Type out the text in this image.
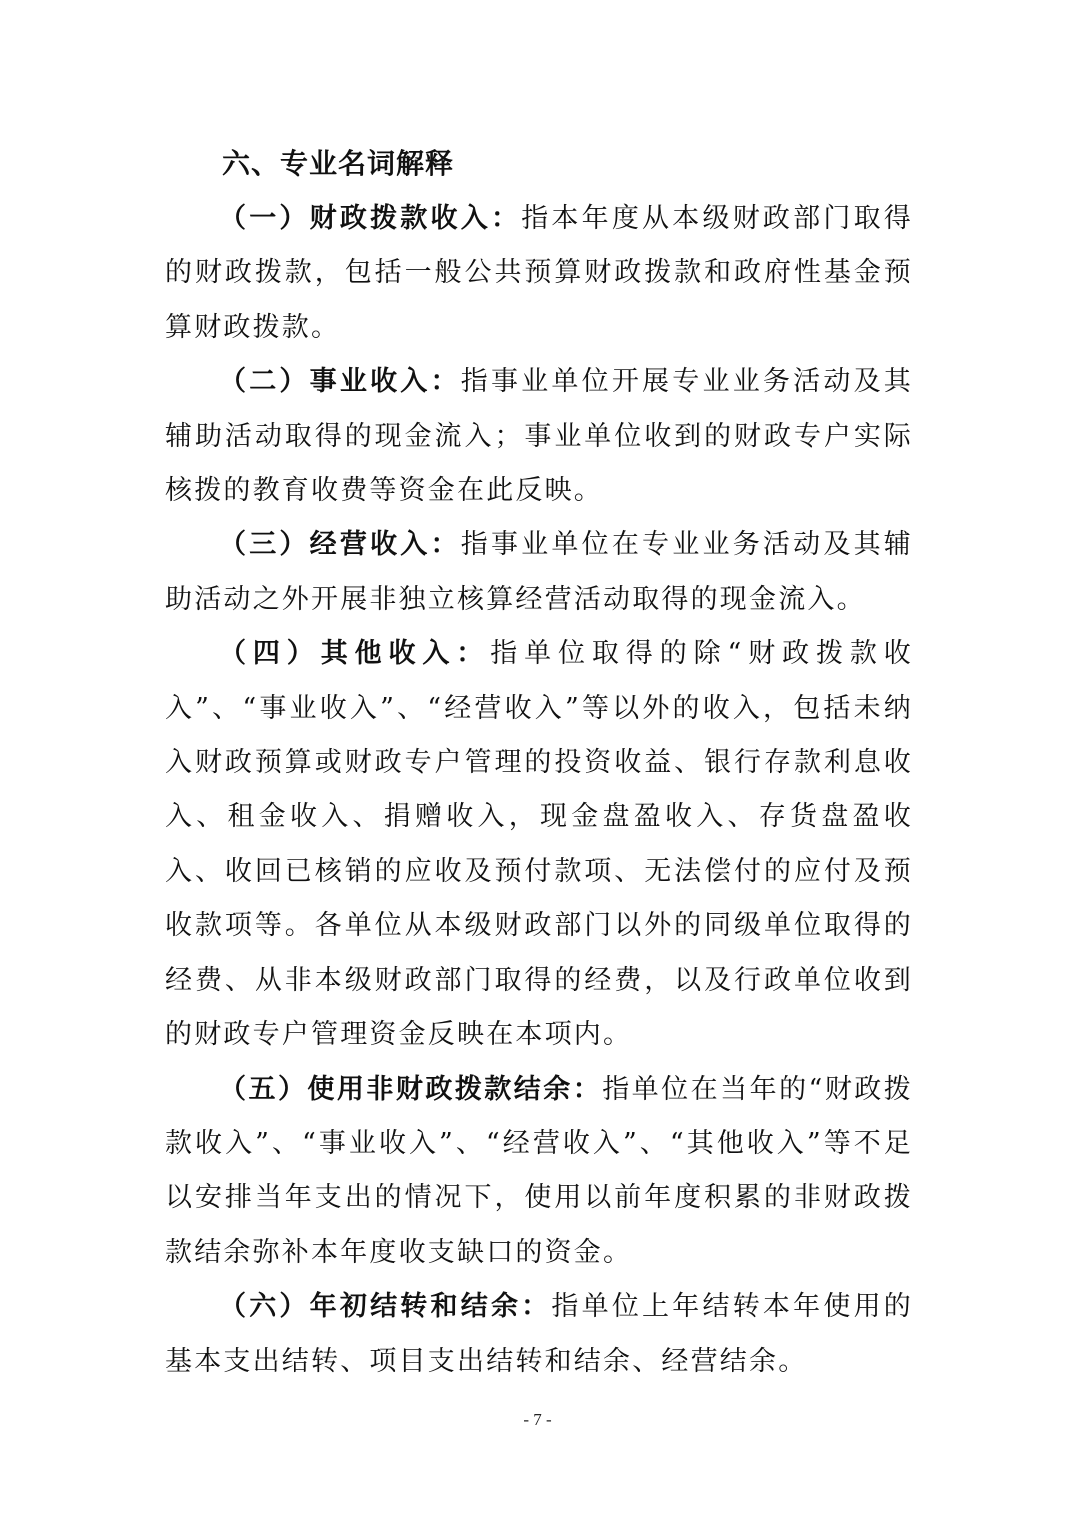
六、专业名词解释

（一）财政拨款收入：指本年度从本级财政部门取得的财政拨款，包括一般公共预算财政拨款和政府性基金预算财政拨款。

（二）事业收入：指事业单位开展专业业务活动及其辅助活动取得的现金流入；事业单位收到的财政专户实际核拨的教育收费等资金在此反映。

（三）经营收入：指事业单位在专业业务活动及其辅助活动之外开展非独立核算经营活动取得的现金流入。

（四）其他收入：指单位取得的除“财政拨款收入”、“事业收入”、“经营收入”等以外的收入，包括未纳入财政预算或财政专户管理的投资收益、银行存款利息收入、租金收入、捐赠收入，现金盘盈收入、存货盘盈收入、收回已核销的应收及预付款项、无法偿付的应付及预收款项等。各单位从本级财政部门以外的同级单位取得的经费、从非本级财政部门取得的经费，以及行政单位收到的财政专户管理资金反映在本项内。

（五）使用非财政拨款结余：指单位在当年的“财政拨款收入”、“事业收入”、“经营收入”、“其他收入”等不足以安排当年支出的情况下，使用以前年度积累的非财政拨款结余弥补本年度收支缺口的资金。

（六）年初结转和结余：指单位上年结转本年使用的基本支出结转、项目支出结转和结余、经营结余。

- 7 -
